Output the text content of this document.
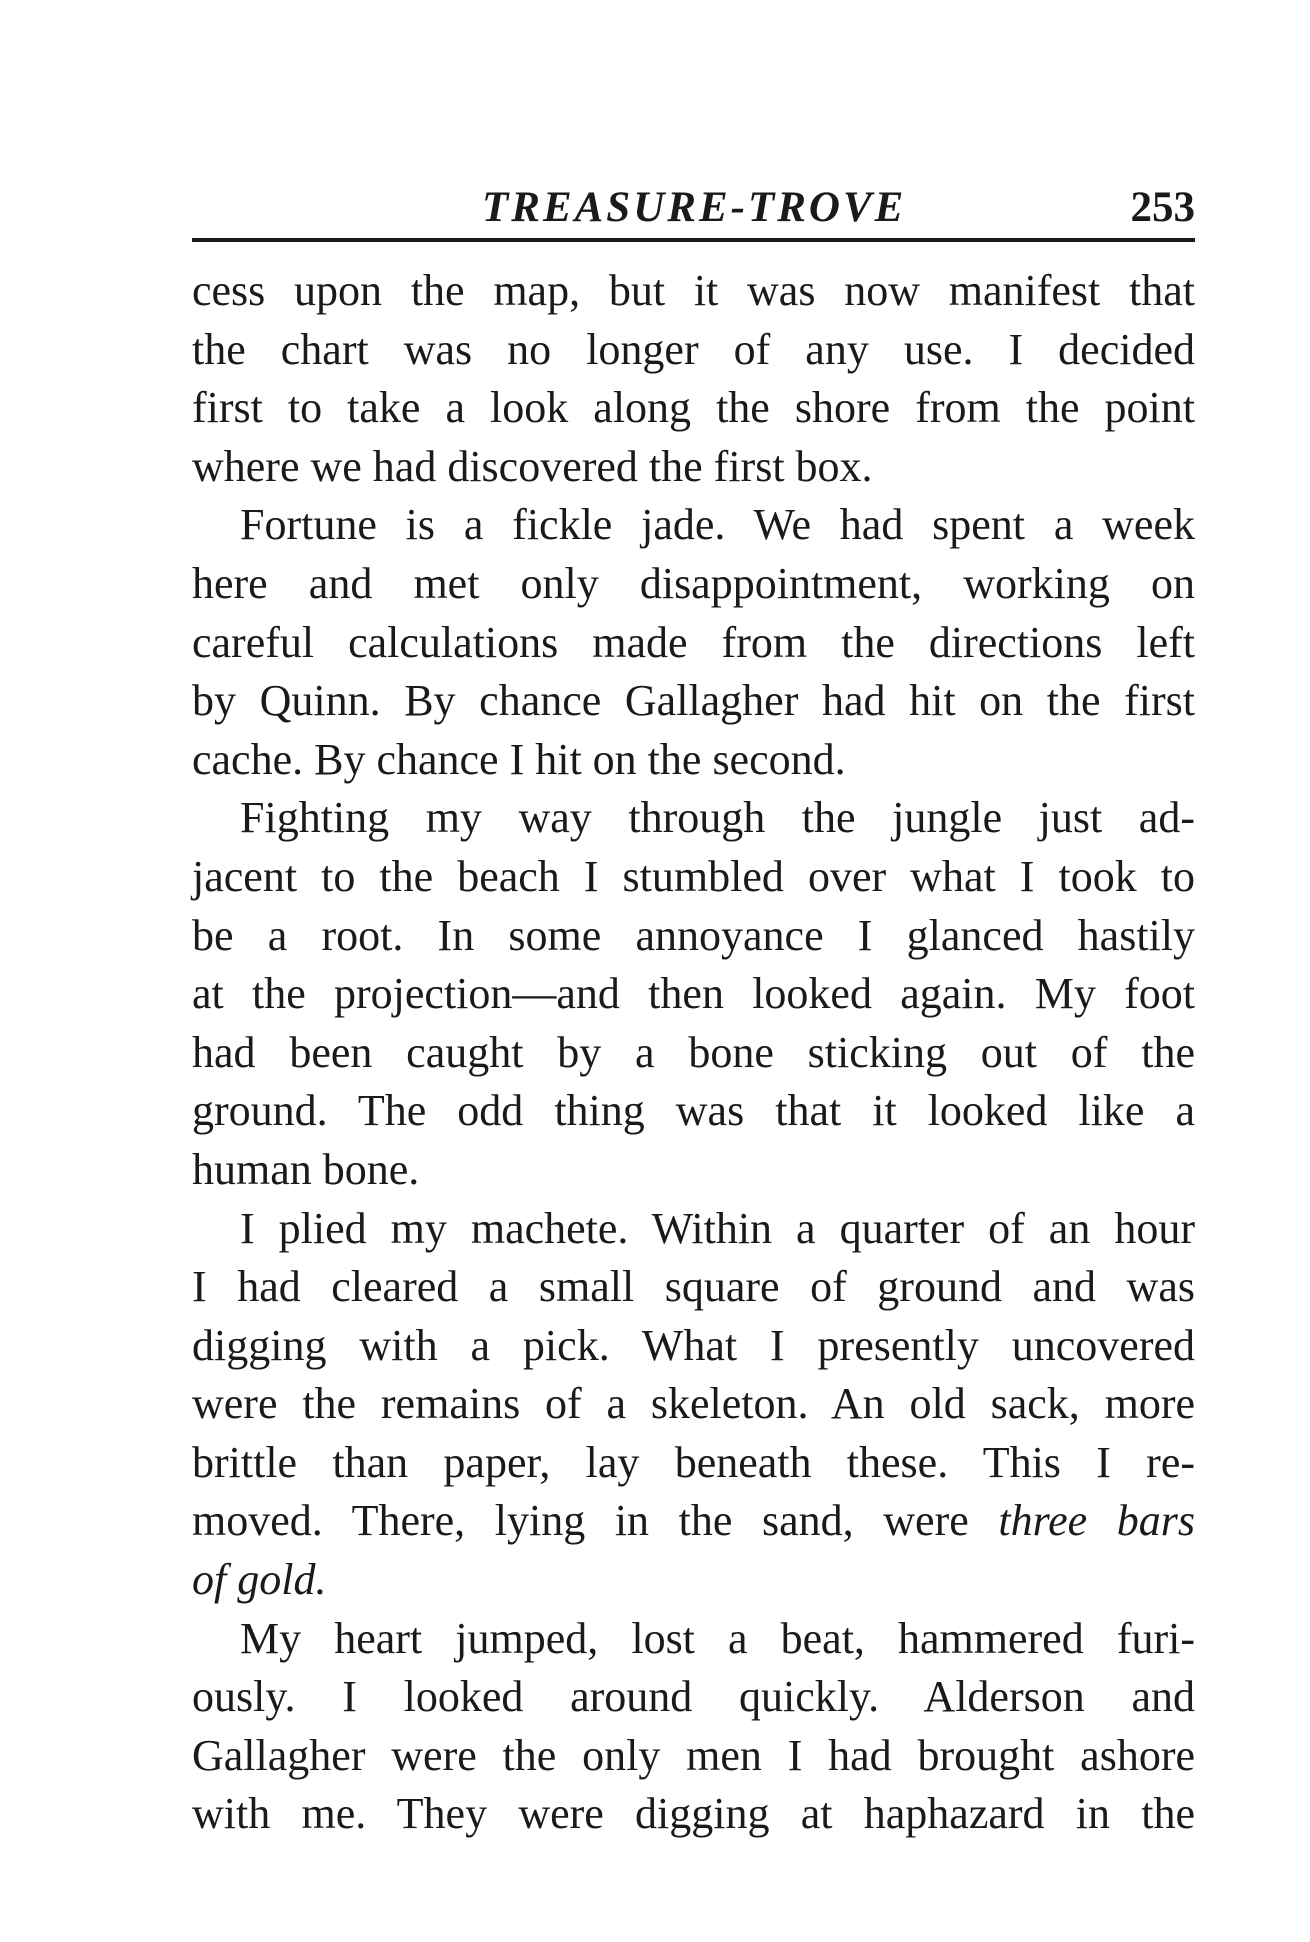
TREASURE-TROVE	253

cess upon the map, but it was now manifest that

the chart was no longer of any use. I decided

first to take a look along the shore from the point

where we had discovered the first box.

Fortune is a fickle jade. We had spent a week

here and met only disappointment, working on

careful calculations made from the directions left

by Quinn. By chance Gallagher had hit on the first

cache. By chance I hit on the second.

Fighting my way through the jungle just ad-

jacent to the beach I stumbled over what I took to

be a root. In some annoyance I glanced hastily

at the projection—and then looked again. My foot

had been caught by a bone sticking out of the

ground. The odd thing was that it looked like a

human bone.

I plied my machete. Within a quarter of an hour

I had cleared a small square of ground and was

digging with a pick. What I presently uncovered

were the remains of a skeleton. An old sack, more

brittle than paper, lay beneath these. This I re-

moved. There, lying in the sand, were three bars

of gold.

My heart jumped, lost a beat, hammered furi-

ously. I looked around quickly. Alderson and

Gallagher were the only men I had brought ashore

with me. They were digging at haphazard in the
